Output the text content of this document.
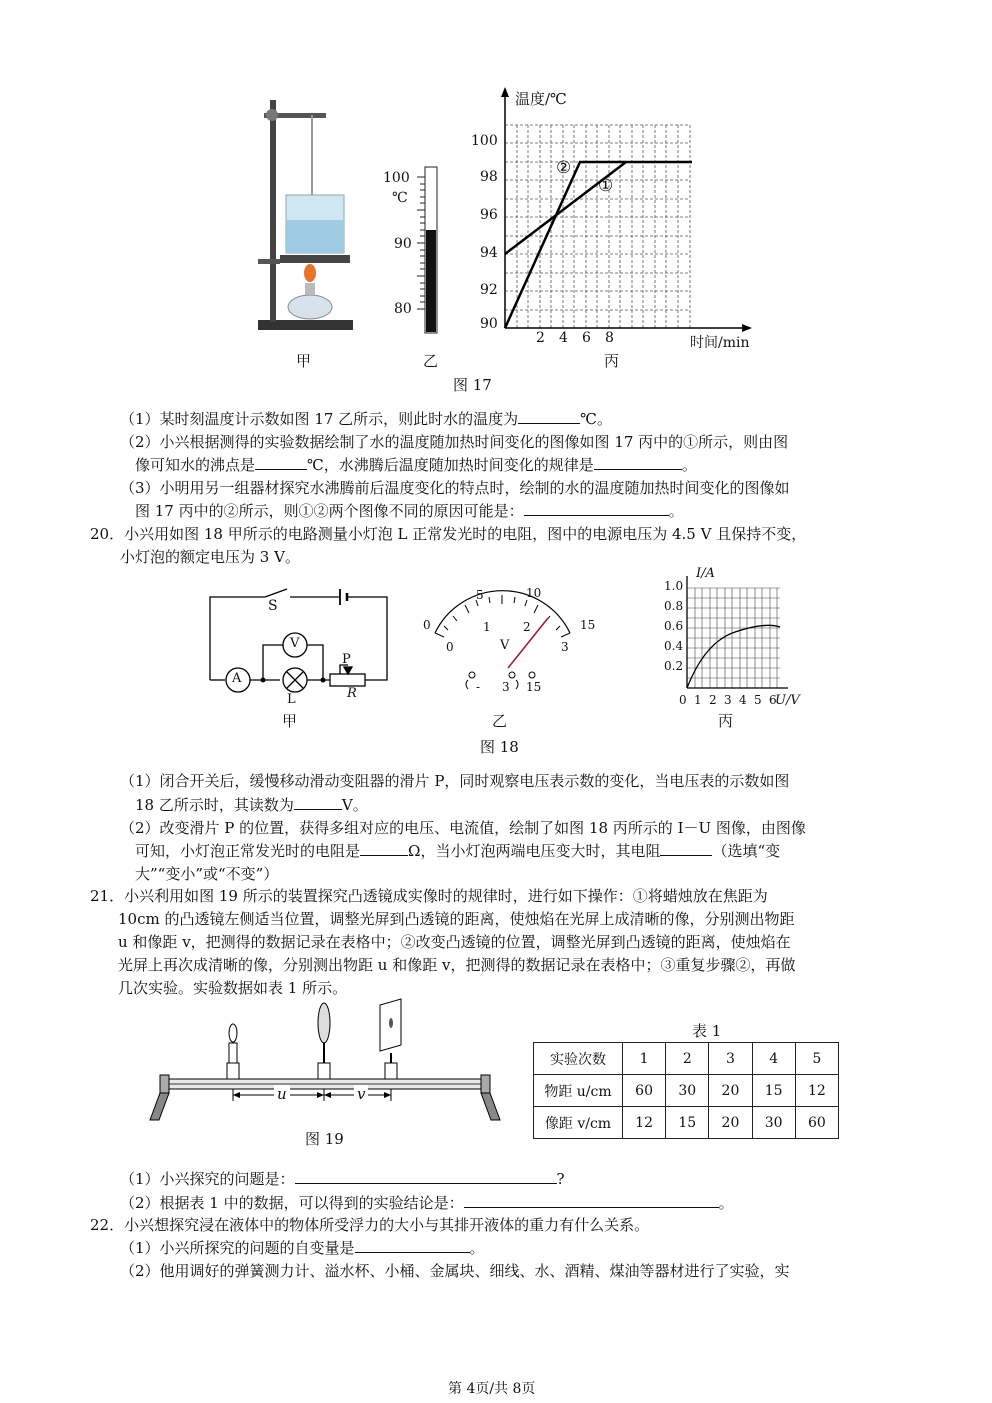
100
℃
90
80
温度/℃
100
98
96
94
92
90
2 4 6 8	时间/min
②
①
甲	乙	丙
图 17
（1）某时刻温度计示数如图 17 乙所示，则此时水的温度为	℃。
（2）小兴根据测得的实验数据绘制了水的温度随加热时间变化的图像如图 17 丙中的①所示，则由图
像可知水的沸点是	℃，水沸腾后温度随加热时间变化的规律是	。
（3）小明用另一组器材探究水沸腾前后温度变化的特点时，绘制的水的温度随加热时间变化的图像如
图 17 丙中的②所示，则①②两个图像不同的原因可能是：	。
20．小兴用如图 18 甲所示的电路测量小灯泡 L 正常发光时的电阻，图中的电源电压为 4.5 V 且保持不变，
小灯泡的额定电压为 3 V。
S
A
V
P
R
L
甲
0
5	10
15
0
1	2
3
V
- 3 15
乙
I/A
1.0
0.8
0.6
0.4
0.2
0 1 2 3 4 5 6
U/V
丙
图 18
（1）闭合开关后，缓慢移动滑动变阻器的滑片 P，同时观察电压表示数的变化，当电压表的示数如图
18 乙所示时，其读数为	V。
（2）改变滑片 P 的位置，获得多组对应的电压、电流值，绘制了如图 18 丙所示的 I－U 图像，由图像
可知，小灯泡正常发光时的电阻是	Ω，当小灯泡两端电压变大时，其电阻	（选填“变
大”“变小”或“不变”）
21．小兴利用如图 19 所示的装置探究凸透镜成实像时的规律时，进行如下操作：①将蜡烛放在焦距为
10cm 的凸透镜左侧适当位置，调整光屏到凸透镜的距离，使烛焰在光屏上成清晰的像，分别测出物距
u 和像距 v，把测得的数据记录在表格中；②改变凸透镜的位置，调整光屏到凸透镜的距离，使烛焰在
光屏上再次成清晰的像，分别测出物距 u 和像距 v，把测得的数据记录在表格中；③重复步骤②，再做
几次实验。实验数据如表 1 所示。
u	v
图 19
表 1
实验次数	1	2	3	4	5
物距 u/cm	60	30	20	15	12
像距 v/cm	12	15	20	30	60
（1）小兴探究的问题是：	?
（2）根据表 1 中的数据，可以得到的实验结论是：	。
22．小兴想探究浸在液体中的物体所受浮力的大小与其排开液体的重力有什么关系。
（1）小兴所探究的问题的自变量是	。
（2）他用调好的弹簧测力计、溢水杯、小桶、金属块、细线、水、酒精、煤油等器材进行了实验，实
第 4页/共 8页
